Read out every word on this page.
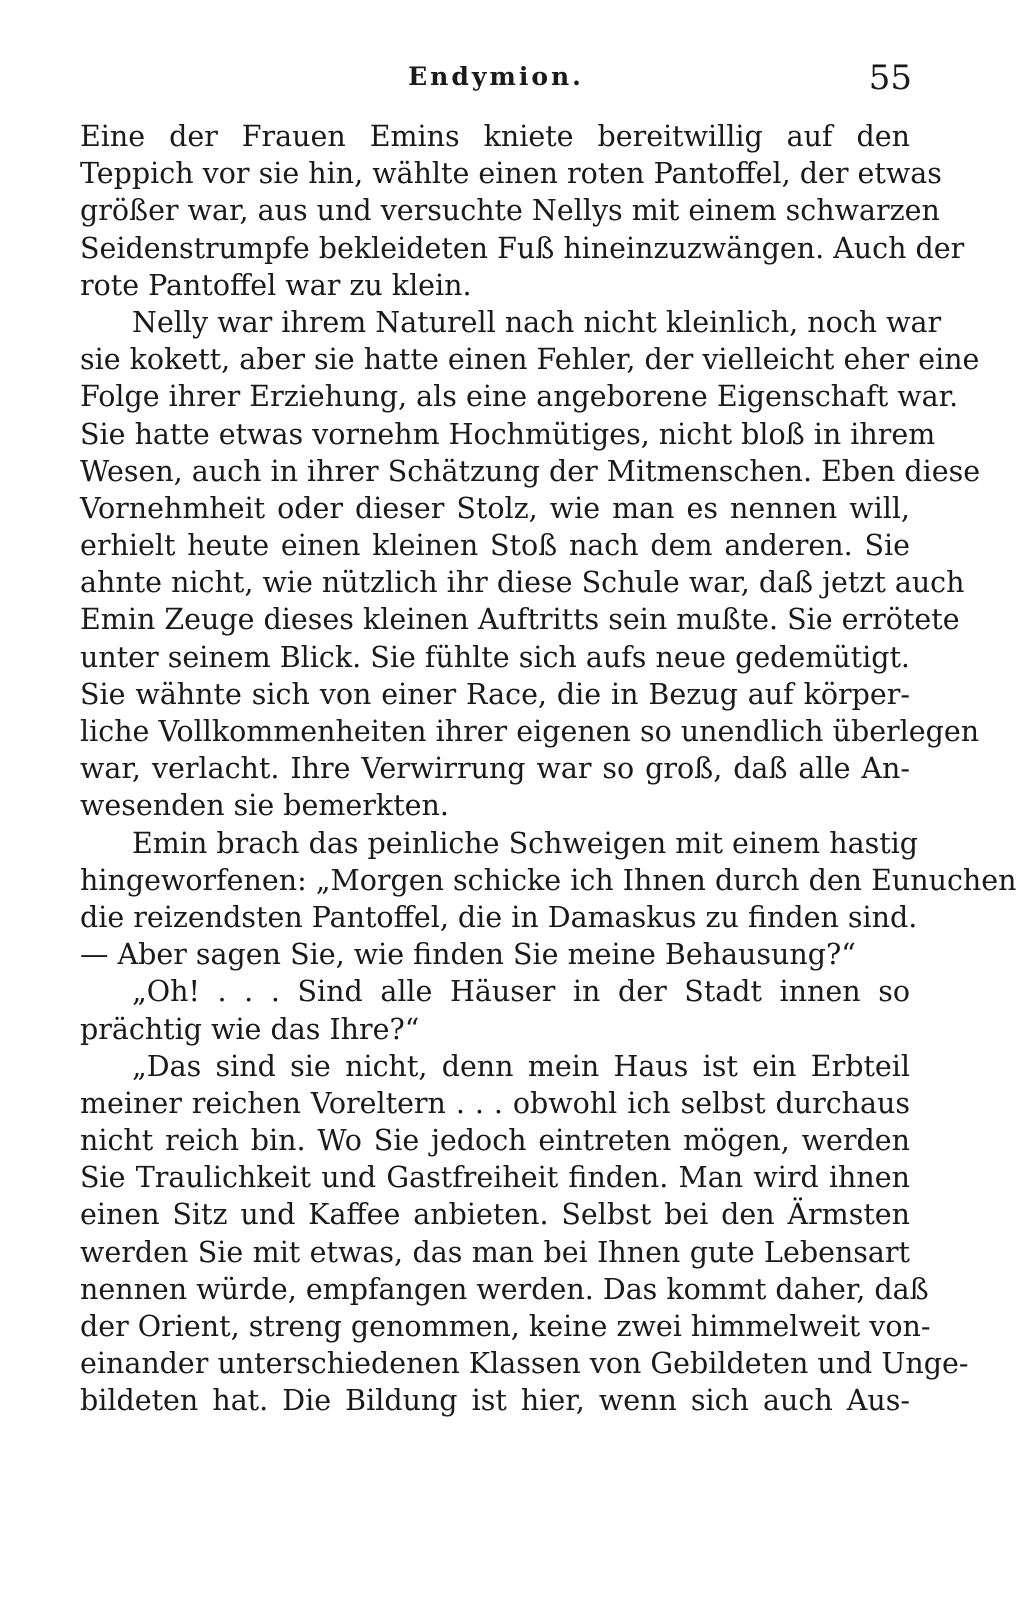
Endymion.	55
Eine der Frauen Emins kniete bereitwillig auf den
Teppich vor sie hin, wählte einen roten Pantoffel, der etwas
größer war, aus und versuchte Nellys mit einem schwarzen
Seidenstrumpfe bekleideten Fuß hineinzuzwängen. Auch der
rote Pantoffel war zu klein.
Nelly war ihrem Naturell nach nicht kleinlich, noch war
sie kokett, aber sie hatte einen Fehler, der vielleicht eher eine
Folge ihrer Erziehung, als eine angeborene Eigenschaft war.
Sie hatte etwas vornehm Hochmütiges, nicht bloß in ihrem
Wesen, auch in ihrer Schätzung der Mitmenschen. Eben diese
Vornehmheit oder dieser Stolz, wie man es nennen will,
erhielt heute einen kleinen Stoß nach dem anderen. Sie
ahnte nicht, wie nützlich ihr diese Schule war, daß jetzt auch
Emin Zeuge dieses kleinen Auftritts sein mußte. Sie errötete
unter seinem Blick. Sie fühlte sich aufs neue gedemütigt.
Sie wähnte sich von einer Race, die in Bezug auf körper-
liche Vollkommenheiten ihrer eigenen so unendlich überlegen
war, verlacht. Ihre Verwirrung war so groß, daß alle An-
wesenden sie bemerkten.
Emin brach das peinliche Schweigen mit einem hastig
hingeworfenen: „Morgen schicke ich Ihnen durch den Eunuchen
die reizendsten Pantoffel, die in Damaskus zu finden sind.
— Aber sagen Sie, wie finden Sie meine Behausung?“
„Oh! . . . Sind alle Häuser in der Stadt innen so
prächtig wie das Ihre?“
„Das sind sie nicht, denn mein Haus ist ein Erbteil
meiner reichen Voreltern . . . obwohl ich selbst durchaus
nicht reich bin. Wo Sie jedoch eintreten mögen, werden
Sie Traulichkeit und Gastfreiheit finden. Man wird ihnen
einen Sitz und Kaffee anbieten. Selbst bei den Ärmsten
werden Sie mit etwas, das man bei Ihnen gute Lebensart
nennen würde, empfangen werden. Das kommt daher, daß
der Orient, streng genommen, keine zwei himmelweit von-
einander unterschiedenen Klassen von Gebildeten und Unge-
bildeten hat. Die Bildung ist hier, wenn sich auch Aus-
